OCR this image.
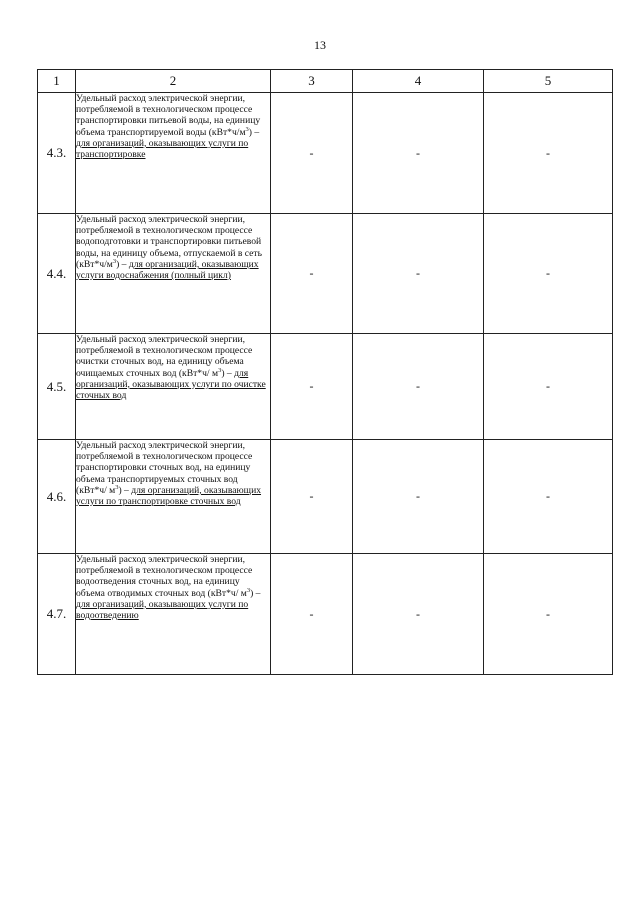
13
1	2	3	4	5
4.3.	Удельный расход электрической энергии, потребляемой в технологическом процессе транспортировки питьевой воды, на единицу объема транспортируемой воды $(кВт*ч/м^3)$ – для организаций, оказывающих услуги по транспортировке	-	-	-
4.4.	Удельный расход электрической энергии, потребляемой в технологическом процессе водоподготовки и транспортировки питьевой воды, на единицу объема, отпускаемой в сеть $(кВт*ч/м^3)$ – для организаций, оказывающих услуги водоснабжения (полный цикл)	-	-	-
4.5.	Удельный расход электрической энергии, потребляемой в технологическом процессе очистки сточных вод, на единицу объема очищаемых сточных вод (кВт*ч/ $м^3$) – для организаций, оказывающих услуги по очистке сточных вод	-	-	-
4.6.	Удельный расход электрической энергии, потребляемой в технологическом процессе транспортировки сточных вод, на единицу объема транспортируемых сточных вод (кВт*ч/ $м^3$) – для организаций, оказывающих услуги по транспортировке сточных вод	-	-	-
4.7.	Удельный расход электрической энергии, потребляемой в технологическом процессе водоотведения сточных вод, на единицу объема отводимых сточных вод (кВт*ч/ $м^3$) – для организаций, оказывающих услуги по водоотведению	-	-	-
